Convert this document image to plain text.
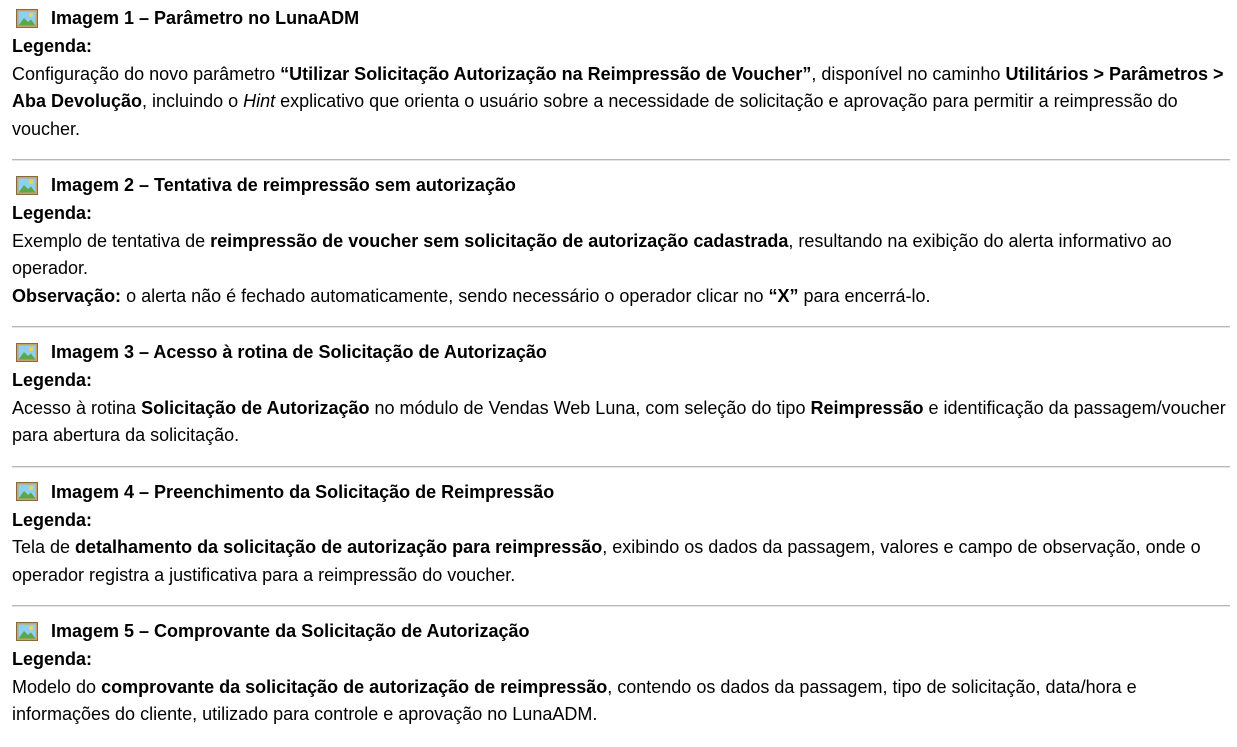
Imagem 1 – Parâmetro no LunaADM

Legenda:

Configuração do novo parâmetro “Utilizar Solicitação Autorização na Reimpressão de Voucher”, disponível no caminho Utilitários > Parâmetros > Aba Devolução, incluindo o Hint explicativo que orienta o usuário sobre a necessidade de solicitação e aprovação para permitir a reimpressão do voucher.

Imagem 2 – Tentativa de reimpressão sem autorização

Legenda:

Exemplo de tentativa de reimpressão de voucher sem solicitação de autorização cadastrada, resultando na exibição do alerta informativo ao operador.

Observação: o alerta não é fechado automaticamente, sendo necessário o operador clicar no “X” para encerrá-lo.

Imagem 3 – Acesso à rotina de Solicitação de Autorização

Legenda:

Acesso à rotina Solicitação de Autorização no módulo de Vendas Web Luna, com seleção do tipo Reimpressão e identificação da passagem/voucher para abertura da solicitação.

Imagem 4 – Preenchimento da Solicitação de Reimpressão

Legenda:

Tela de detalhamento da solicitação de autorização para reimpressão, exibindo os dados da passagem, valores e campo de observação, onde o operador registra a justificativa para a reimpressão do voucher.

Imagem 5 – Comprovante da Solicitação de Autorização

Legenda:

Modelo do comprovante da solicitação de autorização de reimpressão, contendo os dados da passagem, tipo de solicitação, data/hora e informações do cliente, utilizado para controle e aprovação no LunaADM.
